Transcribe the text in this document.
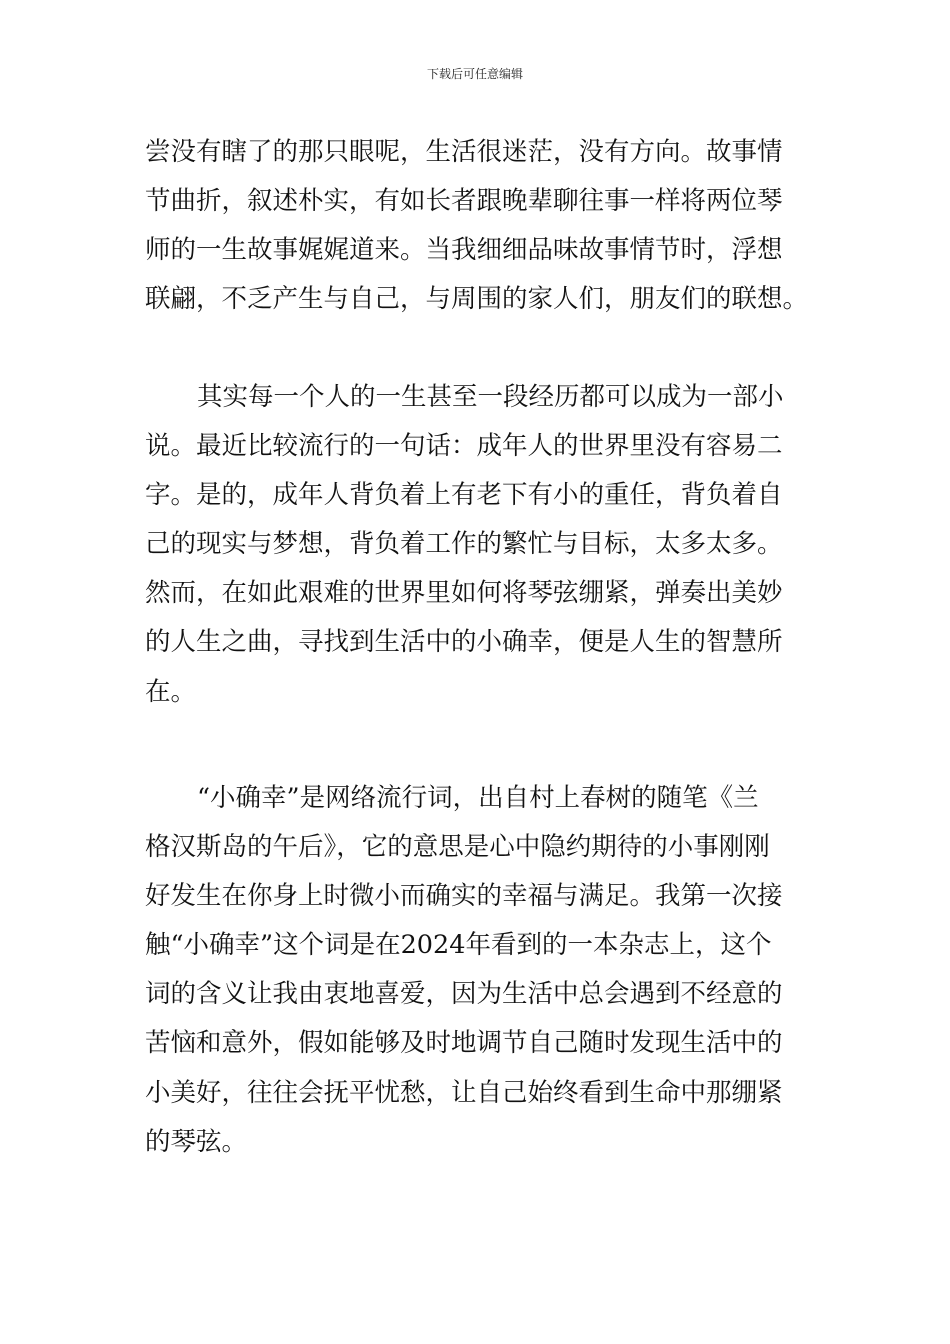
下载后可任意编辑
尝没有瞎了的那只眼呢，生活很迷茫，没有方向。故事情
节曲折，叙述朴实，有如长者跟晚辈聊往事一样将两位琴
师的一生故事娓娓道来。当我细细品味故事情节时，浮想
联翩，不乏产生与自己，与周围的家人们，朋友们的联想。
其实每一个人的一生甚至一段经历都可以成为一部小
说。最近比较流行的一句话：成年人的世界里没有容易二
字。是的，成年人背负着上有老下有小的重任，背负着自
己的现实与梦想，背负着工作的繁忙与目标，太多太多。
然而，在如此艰难的世界里如何将琴弦绷紧，弹奏出美妙
的人生之曲，寻找到生活中的小确幸，便是人生的智慧所
在。
“小确幸”是网络流行词，出自村上春树的随笔《兰
格汉斯岛的午后》，它的意思是心中隐约期待的小事刚刚
好发生在你身上时微小而确实的幸福与满足。我第一次接
触“小确幸”这个词是在2024年看到的一本杂志上，这个
词的含义让我由衷地喜爱，因为生活中总会遇到不经意的
苦恼和意外，假如能够及时地调节自己随时发现生活中的
小美好，往往会抚平忧愁，让自己始终看到生命中那绷紧
的琴弦。
